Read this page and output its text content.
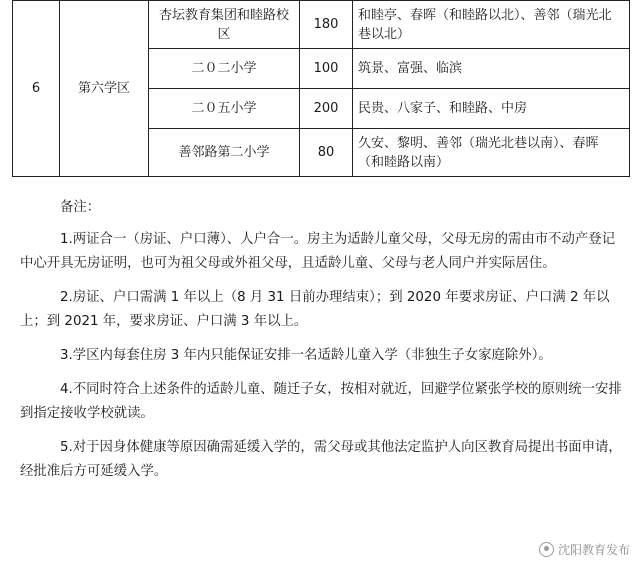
6	第六学区	杏坛教育集团和睦路校区	180	和睦亭、春晖（和睦路以北）、善邻（瑞光北巷以北）
		二０二小学	100	筑景、富强、临滨
		二０五小学	200	民贵、八家子、和睦路、中房
		善邻路第二小学	80	久安、黎明、善邻（瑞光北巷以南）、春晖（和睦路以南）
备注：

1.两证合一（房证、户口薄）、人户合一。房主为适龄儿童父母，父母无房的需由市不动产登记中心开具无房证明，也可为祖父母或外祖父母，且适龄儿童、父母与老人同户并实际居住。

2.房证、户口需满 1 年以上（8 月 31 日前办理结束）；到 2020 年要求房证、户口满 2 年以上；到 2021 年，要求房证、户口满 3 年以上。

3.学区内每套住房 3 年内只能保证安排一名适龄儿童入学（非独生子女家庭除外）。

4.不同时符合上述条件的适龄儿童、随迁子女，按相对就近，回避学位紧张学校的原则统一安排到指定接收学校就读。

5.对于因身体健康等原因确需延缓入学的，需父母或其他法定监护人向区教育局提出书面申请，经批准后方可延缓入学。

沈阳教育发布
